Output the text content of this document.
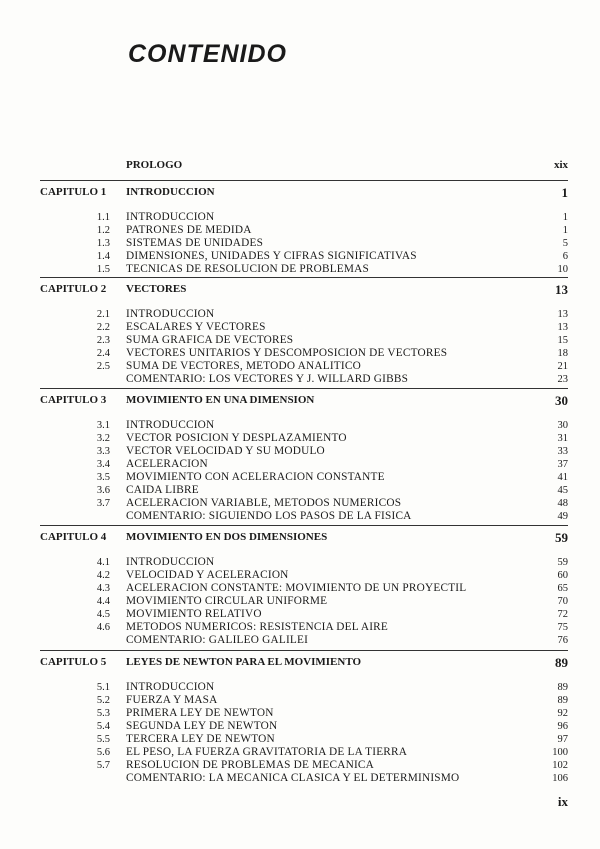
CONTENIDO
PROLOGO	xix
CAPITULO 1 INTRODUCCION	1
1.1 INTRODUCCION	1
1.2 PATRONES DE MEDIDA	1
1.3 SISTEMAS DE UNIDADES	5
1.4 DIMENSIONES, UNIDADES Y CIFRAS SIGNIFICATIVAS	6
1.5 TECNICAS DE RESOLUCION DE PROBLEMAS	10
CAPITULO 2 VECTORES	13
2.1 INTRODUCCION	13
2.2 ESCALARES Y VECTORES	13
2.3 SUMA GRAFICA DE VECTORES	15
2.4 VECTORES UNITARIOS Y DESCOMPOSICION DE VECTORES	18
2.5 SUMA DE VECTORES, METODO ANALITICO	21
COMENTARIO: LOS VECTORES Y J. WILLARD GIBBS	23
CAPITULO 3 MOVIMIENTO EN UNA DIMENSION	30
3.1 INTRODUCCION	30
3.2 VECTOR POSICION Y DESPLAZAMIENTO	31
3.3 VECTOR VELOCIDAD Y SU MODULO	33
3.4 ACELERACION	37
3.5 MOVIMIENTO CON ACELERACION CONSTANTE	41
3.6 CAIDA LIBRE	45
3.7 ACELERACION VARIABLE, METODOS NUMERICOS	48
COMENTARIO: SIGUIENDO LOS PASOS DE LA FISICA	49
CAPITULO 4 MOVIMIENTO EN DOS DIMENSIONES	59
4.1 INTRODUCCION	59
4.2 VELOCIDAD Y ACELERACION	60
4.3 ACELERACION CONSTANTE: MOVIMIENTO DE UN PROYECTIL	65
4.4 MOVIMIENTO CIRCULAR UNIFORME	70
4.5 MOVIMIENTO RELATIVO	72
4.6 METODOS NUMERICOS: RESISTENCIA DEL AIRE	75
COMENTARIO: GALILEO GALILEI	76
CAPITULO 5 LEYES DE NEWTON PARA EL MOVIMIENTO	89
5.1 INTRODUCCION	89
5.2 FUERZA Y MASA	89
5.3 PRIMERA LEY DE NEWTON	92
5.4 SEGUNDA LEY DE NEWTON	96
5.5 TERCERA LEY DE NEWTON	97
5.6 EL PESO, LA FUERZA GRAVITATORIA DE LA TIERRA	100
5.7 RESOLUCION DE PROBLEMAS DE MECANICA	102
COMENTARIO: LA MECANICA CLASICA Y EL DETERMINISMO	106
ix
